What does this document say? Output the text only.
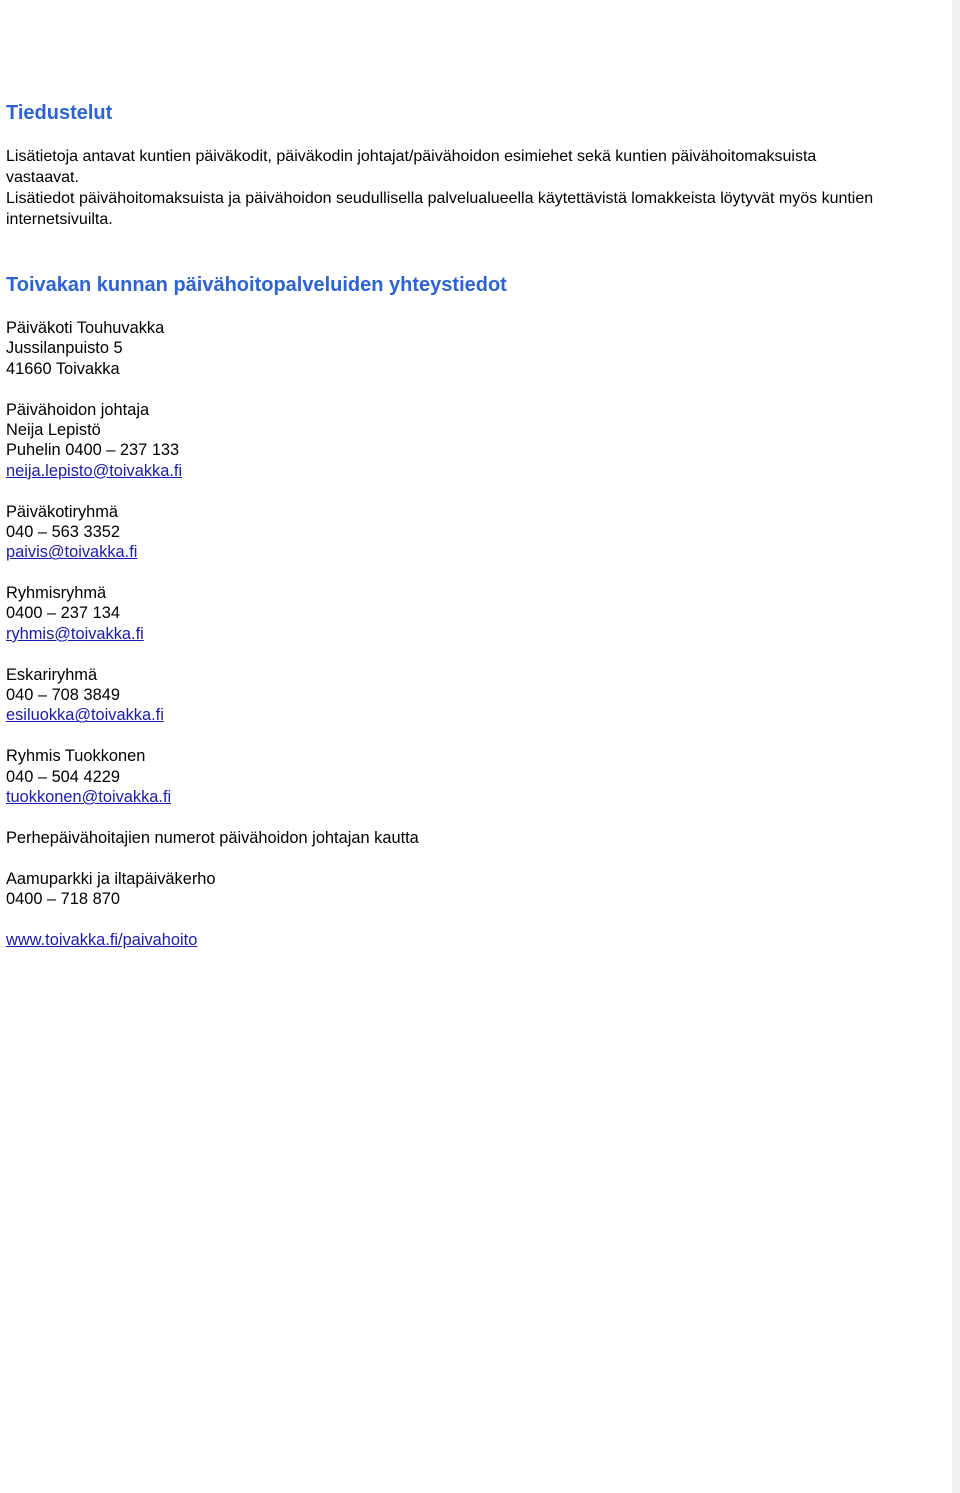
Tiedustelut

Lisätietoja antavat kuntien päiväkodit, päiväkodin johtajat/päivähoidon esimiehet sekä kuntien päivähoitomaksuista vastaavat.

Lisätiedot päivähoitomaksuista ja päivähoidon seudullisella palvelualueella käytettävistä lomakkeista löytyvät myös kuntien internetsivuilta.

Toivakan kunnan päivähoitopalveluiden yhteystiedot
Päiväkoti Touhuvakka
Jussilanpuisto 5
41660 Toivakka
Päivähoidon johtaja
Neija Lepistö
Puhelin 0400 – 237 133
neija.lepisto@toivakka.fi
Päiväkotiryhmä
040 – 563 3352
paivis@toivakka.fi
Ryhmisryhmä
0400 – 237 134
ryhmis@toivakka.fi
Eskariryhmä
040 – 708 3849
esiluokka@toivakka.fi
Ryhmis Tuokkonen
040 – 504 4229
tuokkonen@toivakka.fi
Perhepäivähoitajien numerot päivähoidon johtajan kautta
Aamuparkki ja iltapäiväkerho
0400 – 718 870
www.toivakka.fi/paivahoito
